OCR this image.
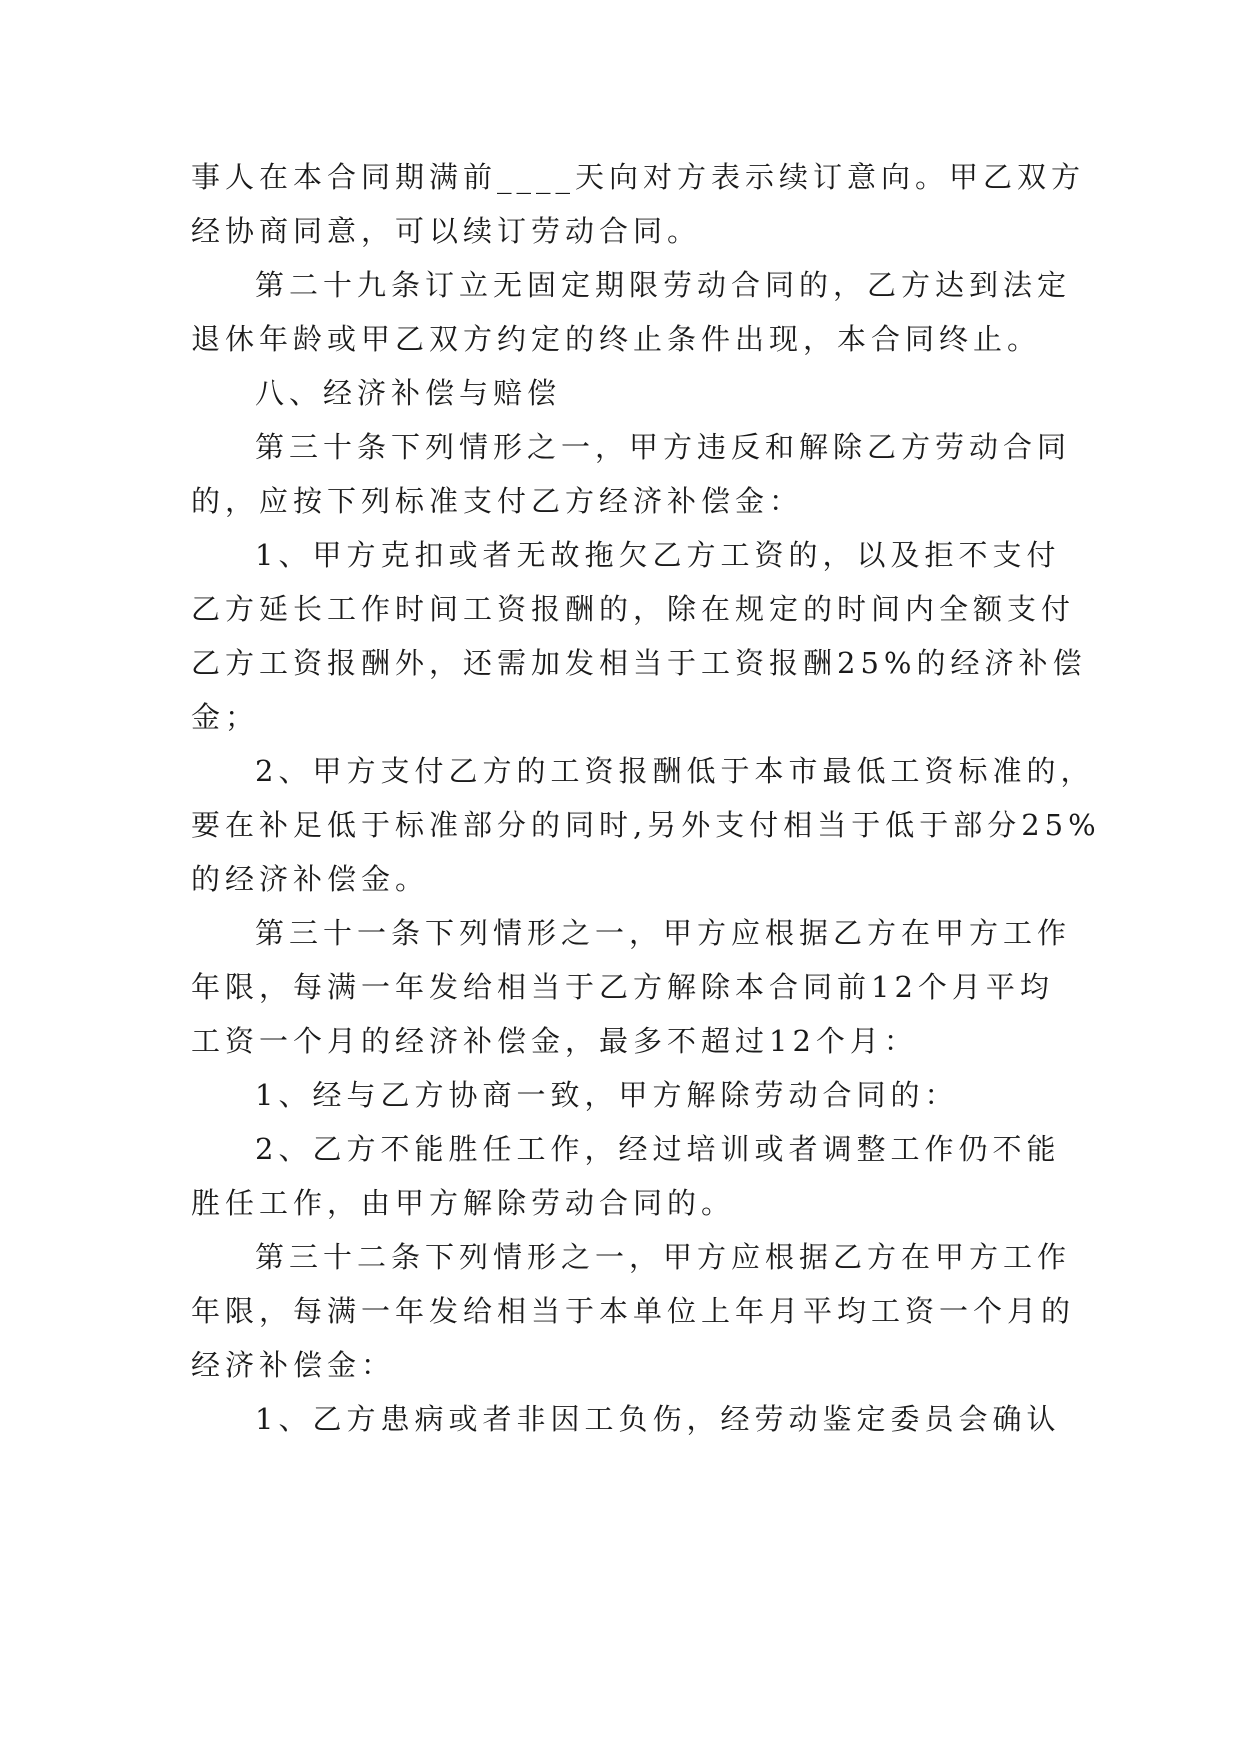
事人在本合同期满前____天向对方表示续订意向。甲乙双方
经协商同意，可以续订劳动合同。
第二十九条订立无固定期限劳动合同的，乙方达到法定
退休年龄或甲乙双方约定的终止条件出现，本合同终止。
八、经济补偿与赔偿
第三十条下列情形之一，甲方违反和解除乙方劳动合同
的，应按下列标准支付乙方经济补偿金：
1、甲方克扣或者无故拖欠乙方工资的，以及拒不支付
乙方延长工作时间工资报酬的，除在规定的时间内全额支付
乙方工资报酬外，还需加发相当于工资报酬25%的经济补偿
金；
2、甲方支付乙方的工资报酬低于本市最低工资标准的，
要在补足低于标准部分的同时,另外支付相当于低于部分25%
的经济补偿金。
第三十一条下列情形之一，甲方应根据乙方在甲方工作
年限，每满一年发给相当于乙方解除本合同前12个月平均
工资一个月的经济补偿金，最多不超过12个月：
1、经与乙方协商一致，甲方解除劳动合同的：
2、乙方不能胜任工作，经过培训或者调整工作仍不能
胜任工作，由甲方解除劳动合同的。
第三十二条下列情形之一，甲方应根据乙方在甲方工作
年限，每满一年发给相当于本单位上年月平均工资一个月的
经济补偿金：
1、乙方患病或者非因工负伤，经劳动鉴定委员会确认
